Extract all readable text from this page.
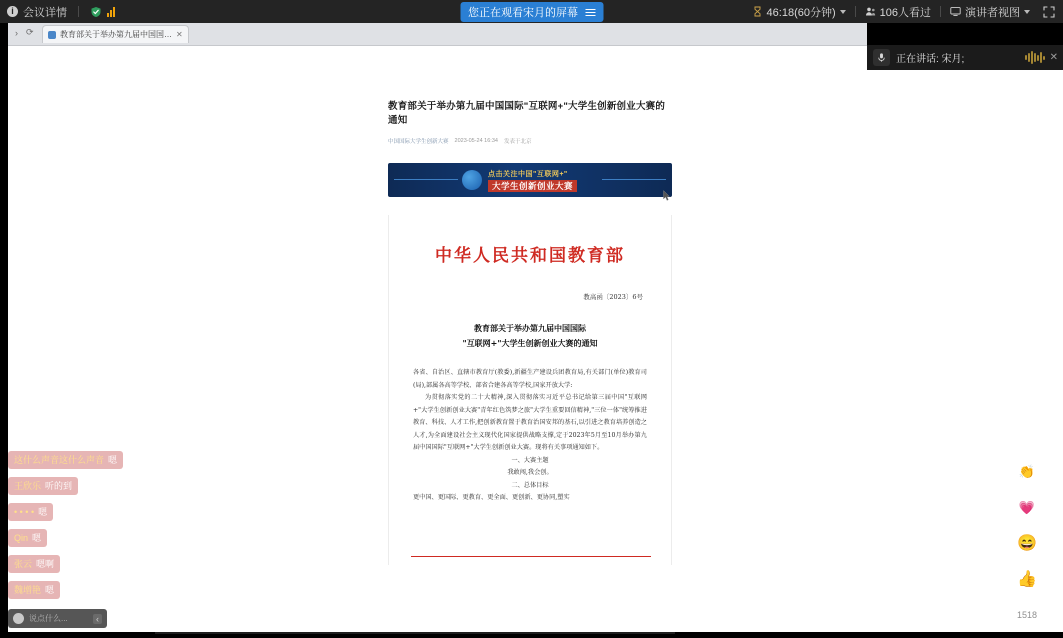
i 会议详情	您正在观看宋月的屏幕	46:18(60分钟)	106人看过	演讲者视图
› ⟳	教育部关于举办第九届中国国… ✕
正在讲话: 宋月;	✕
教育部关于举办第九届中国国际"互联网+"大学生创新创业大赛的通知
中国国际大学生创新大赛 2023-05-24 16:34 发表于北京
点击关注中国"互联网+"
大学生创新创业大赛
中华人民共和国教育部
教高函〔2023〕6号
教育部关于举办第九届中国国际
"互联网+"大学生创新创业大赛的通知

各省、自治区、直辖市教育厅(教委),新疆生产建设兵团教育局,有关部门(单位)教育司(局),部属各高等学校、部省合建各高等学校,国家开放大学:

为贯彻落实党的二十大精神,深入贯彻落实习近平总书记给第三届中国"互联网+"大学生创新创业大赛"青年红色筑梦之旅"大学生重要回信精神,"三位一体"统筹推进教育、科技、人才工作,把创新教育置于教育治国安邦的基石,以引进之教育培养创造之人才,为全面建设社会主义现代化国家提供战略支撑,定于2023年5月至10月举办第九届中国国际"互联网+"大学生创新创业大赛。现将有关事项通知如下。

一、大赛主题

我敢闯,我会创。

二、总体目标

更中国、更国际、更教育、更全面、更创新、更协同,塑实

这什么声音这什么声音 嗯
王欣乐 听的到
• • • • 嗯
Qin 嗯
张云 嗯啊
魏增艳 嗯
说点什么...	‹
👏
💗
😄
👍
1518
